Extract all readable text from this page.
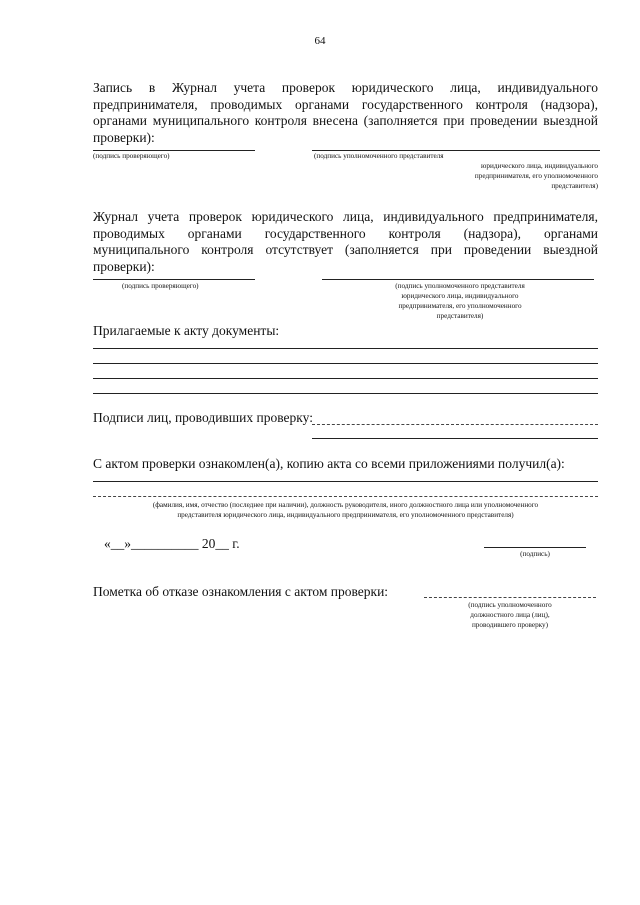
64
Запись в Журнал учета проверок юридического лица, индивидуального предпринимателя, проводимых органами государственного контроля (надзора), органами муниципального контроля внесена (заполняется при проведении выездной проверки):
(подпись проверяющего)	(подпись уполномоченного представителя
юридического лица, индивидуального
предпринимателя, его уполномоченного
представителя)
Журнал учета проверок юридического лица, индивидуального предпринимателя, проводимых органами государственного контроля (надзора), органами муниципального контроля отсутствует (заполняется при проведении выездной проверки):
(подпись проверяющего)	(подпись уполномоченного представителя
юридического лица, индивидуального
предпринимателя, его уполномоченного
представителя)
Прилагаемые к акту документы:
Подписи лиц, проводивших проверку:
С актом проверки ознакомлен(а), копию акта со всеми приложениями получил(а):
(фамилия, имя, отчество (последнее при наличии), должность руководителя, иного должностного лица или уполномоченного
представителя юридического лица, индивидуального предпринимателя, его уполномоченного представителя)
«__»__________ 20__ г.
(подпись)
Пометка об отказе ознакомления с актом проверки:
(подпись уполномоченного
должностного лица (лиц),
проводившего проверку)
